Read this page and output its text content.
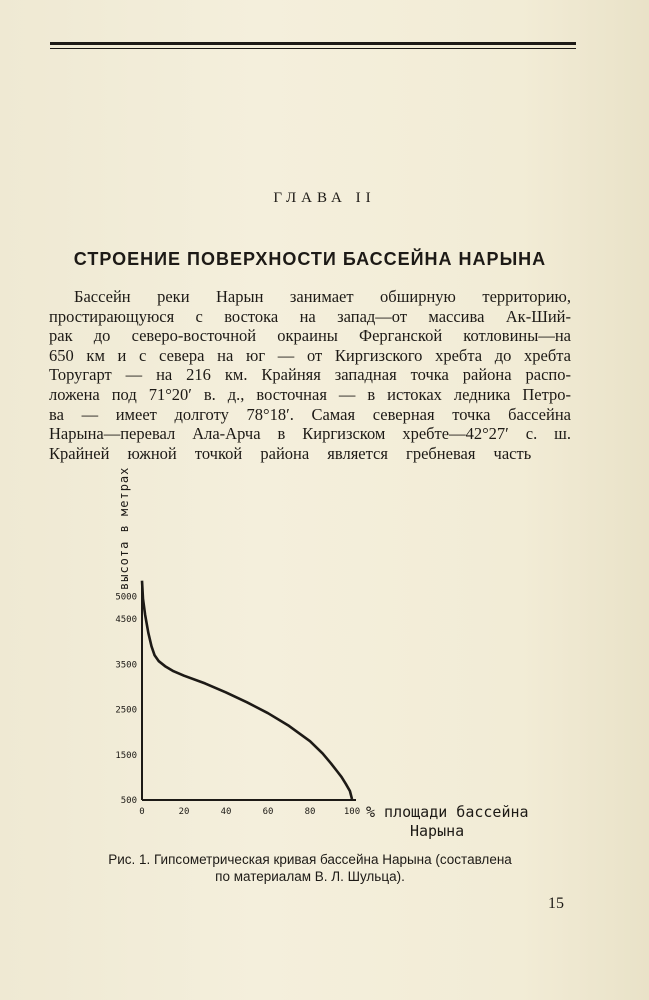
ГЛАВА II
СТРОЕНИЕ ПОВЕРХНОСТИ БАССЕЙНА НАРЫНА
Бассейн реки Нарын занимает обширную территорию,
простирающуюся с востока на запад—от массива Ак-Ший-
рак до северо-восточной окраины Ферганской котловины—на
650 км и с севера на юг — от Киргизского хребта до хребта
Торугарт — на 216 км. Крайняя западная точка района распо-
ложена под 71°20′ в. д., восточная — в истоках ледника Петро-
ва — имеет долготу 78°18′. Самая северная точка бассейна
Нарына—перевал Ала-Арча в Киргизском хребте—42°27′ с. ш.
Крайней южной точкой района является гребневая часть
высота в метрах
500
1500
2500
3500
4500
5000
0	20	40	60	80	100 % площади бассейна
Нарына
Рис. 1. Гипсометрическая кривая бассейна Нарына (составлена
по материалам В. Л. Шульца).
15
